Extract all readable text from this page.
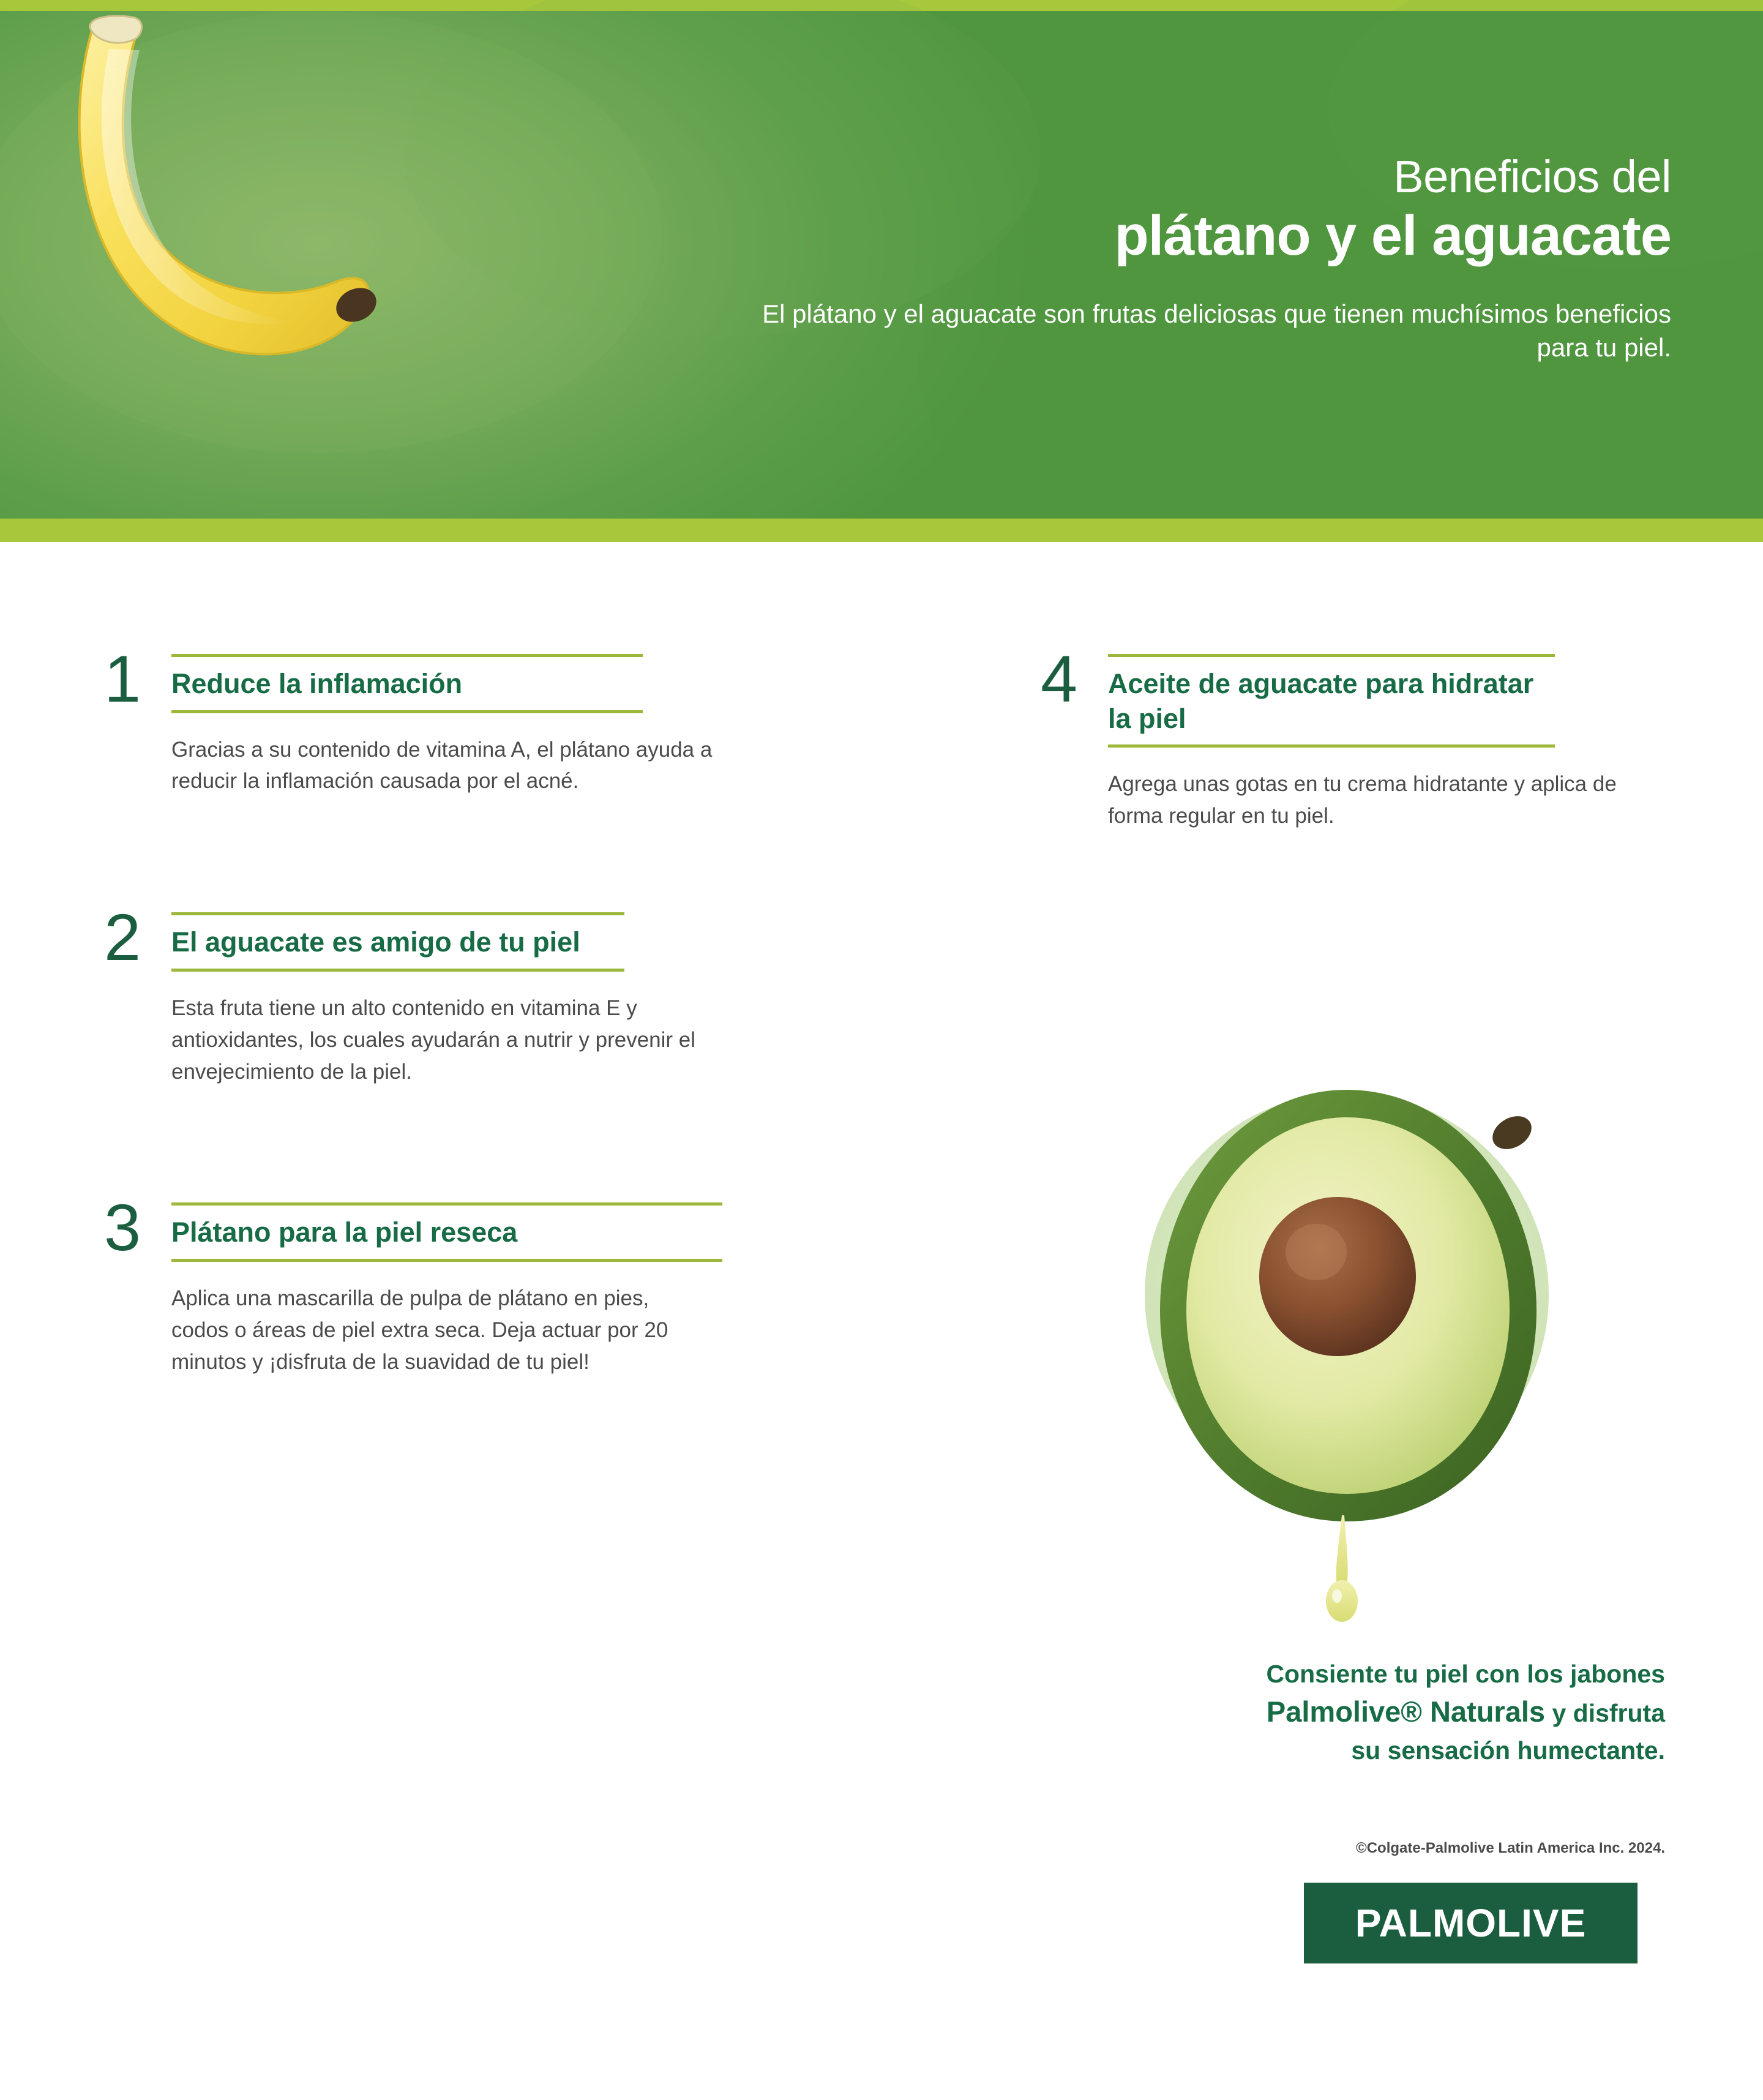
Beneficios del
plátano y el aguacate
El plátano y el aguacate son frutas deliciosas que tienen muchísimos beneficios para tu piel.
1	Reduce la inflamación
Gracias a su contenido de vitamina A, el plátano ayuda a reducir la inflamación causada por el acné.
2	El aguacate es amigo de tu piel
Esta fruta tiene un alto contenido en vitamina E y antioxidantes, los cuales ayudarán a nutrir y prevenir el envejecimiento de la piel.
3	Plátano para la piel reseca
Aplica una mascarilla de pulpa de plátano en pies, codos o áreas de piel extra seca. Deja actuar por 20 minutos y ¡disfruta de la suavidad de tu piel!
4	Aceite de aguacate para hidratar la piel
Agrega unas gotas en tu crema hidratante y aplica de forma regular en tu piel.
Consiente tu piel con los jabones
Palmolive® Naturals y disfruta
su sensación humectante.
©Colgate-Palmolive Latin America Inc. 2024.
PALMOLIVE
